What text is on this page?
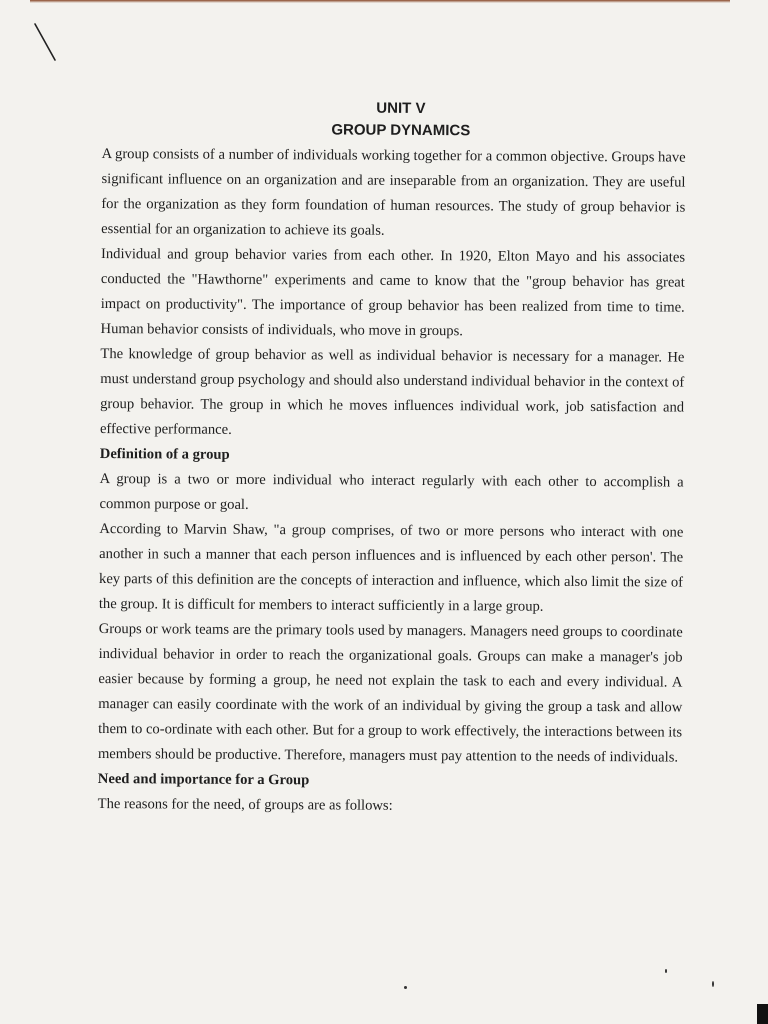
UNIT V
GROUP DYNAMICS

A group consists of a number of individuals working together for a common objective. Groups have significant influence on an organization and are inseparable from an organization. They are useful for the organization as they form foundation of human resources. The study of group behavior is essential for an organization to achieve its goals.

Individual and group behavior varies from each other. In 1920, Elton Mayo and his associates conducted the "Hawthorne" experiments and came to know that the "group behavior has great impact on productivity". The importance of group behavior has been realized from time to time. Human behavior consists of individuals, who move in groups.

The knowledge of group behavior as well as individual behavior is necessary for a manager. He must understand group psychology and should also understand individual behavior in the context of group behavior. The group in which he moves influences individual work, job satisfaction and effective performance.

Definition of a group

A group is a two or more individual who interact regularly with each other to accomplish a common purpose or goal.

According to Marvin Shaw, "a group comprises, of two or more persons who interact with one another in such a manner that each person influences and is influenced by each other person'. The key parts of this definition are the concepts of interaction and influence, which also limit the size of the group. It is difficult for members to interact sufficiently in a large group.

Groups or work teams are the primary tools used by managers. Managers need groups to coordinate individual behavior in order to reach the organizational goals. Groups can make a manager's job easier because by forming a group, he need not explain the task to each and every individual. A manager can easily coordinate with the work of an individual by giving the group a task and allow them to co-ordinate with each other. But for a group to work effectively, the interactions between its members should be productive. Therefore, managers must pay attention to the needs of individuals.

Need and importance for a Group

The reasons for the need, of groups are as follows:
